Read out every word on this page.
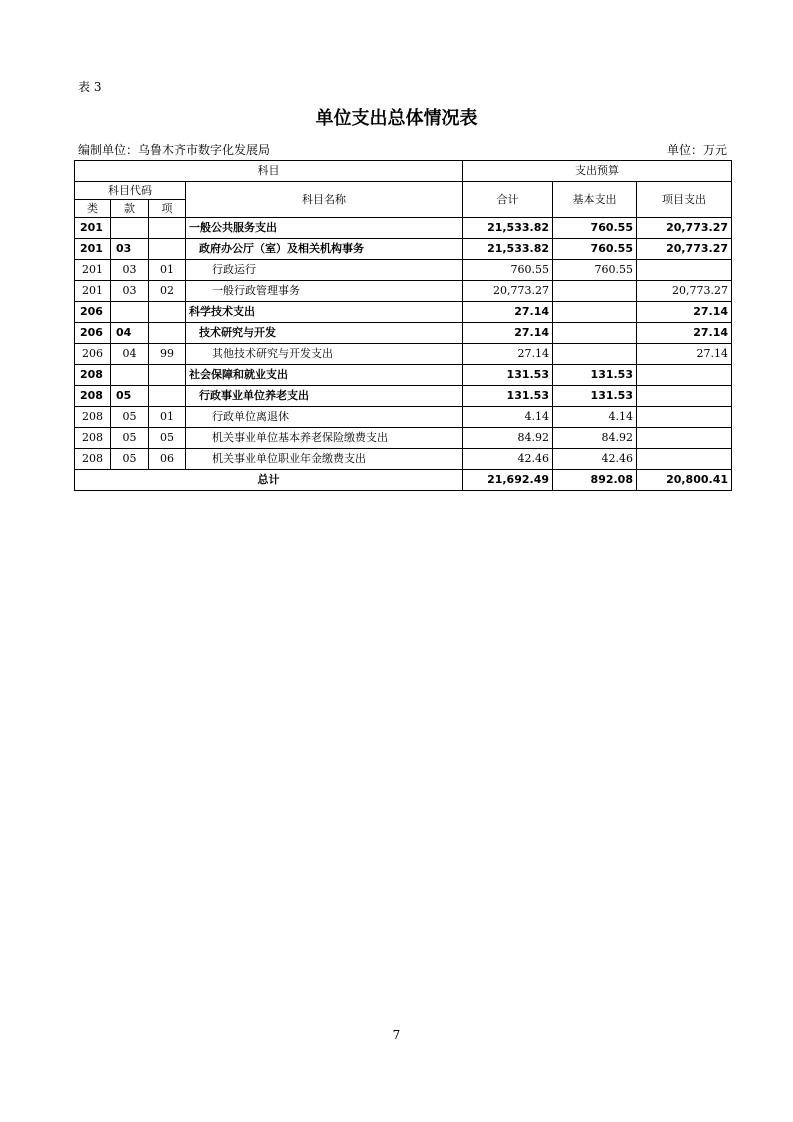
表 3
单位支出总体情况表
编制单位：乌鲁木齐市数字化发展局	单位：万元
科目				支出预算		
科目代码			科目名称	合计	基本支出	项目支出
类	款	项				
201			一般公共服务支出	21,533.82	760.55	20,773.27
201	03		政府办公厅（室）及相关机构事务	21,533.82	760.55	20,773.27
201	03	01	行政运行	760.55	760.55	
201	03	02	一般行政管理事务	20,773.27		20,773.27
206			科学技术支出	27.14		27.14
206	04		技术研究与开发	27.14		27.14
206	04	99	其他技术研究与开发支出	27.14		27.14
208			社会保障和就业支出	131.53	131.53	
208	05		行政事业单位养老支出	131.53	131.53	
208	05	01	行政单位离退休	4.14	4.14	
208	05	05	机关事业单位基本养老保险缴费支出	84.92	84.92	
208	05	06	机关事业单位职业年金缴费支出	42.46	42.46	
总计				21,692.49	892.08	20,800.41
7
